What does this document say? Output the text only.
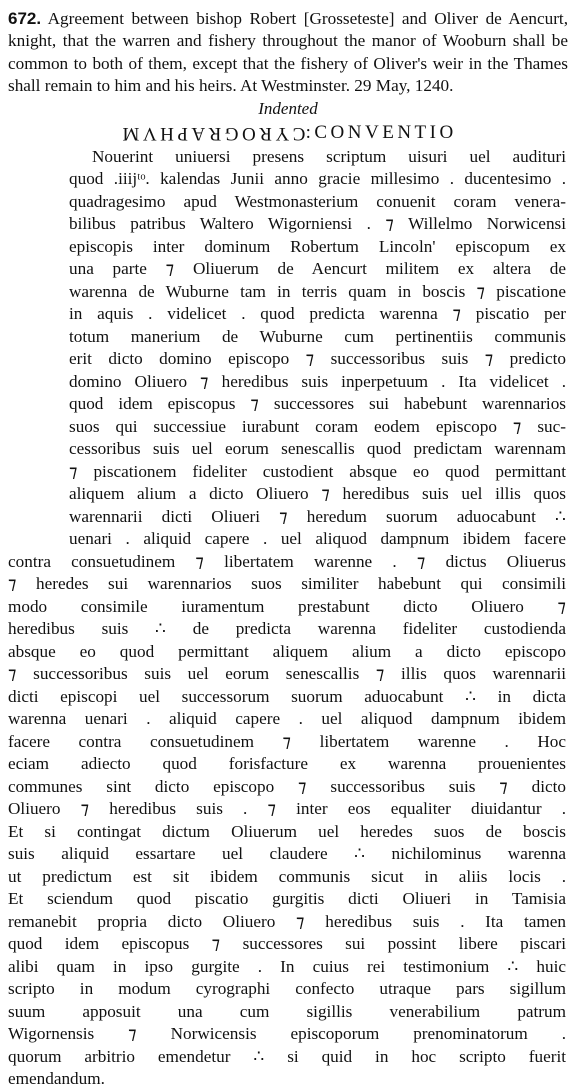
672. Agreement between bishop Robert [Grosseteste] and Oliver de Aencurt, knight, that the warren and fishery throughout the manor of Wooburn shall be common to both of them, except that the fishery of Oliver's weir in the Thames shall remain to him and his heirs. At Westminster. 29 May, 1240.

Indented

CYROGRAPHVM:CONVENTIO

Nouerint uniuersi presens scriptum uisuri uel audituri
quod .iiijᵗᵒ. kalendas Junii anno gracie millesimo . ducentesimo .
quadragesimo apud Westmonasterium conuenit coram venera-
bilibus patribus Waltero Wigorniensi . ⁊ Willelmo Norwicensi
episcopis inter dominum Robertum Lincoln' episcopum ex
una parte ⁊ Oliuerum de Aencurt militem ex altera de
warenna de Wuburne tam in terris quam in boscis ⁊ piscatione
in aquis . videlicet . quod predicta warenna ⁊ piscatio per
totum manerium de Wuburne cum pertinentiis communis
erit dicto domino episcopo ⁊ successoribus suis ⁊ predicto
domino Oliuero ⁊ heredibus suis inperpetuum . Ita videlicet .
quod idem episcopus ⁊ successores sui habebunt warennarios
suos qui successiue iurabunt coram eodem episcopo ⁊ suc-
cessoribus suis uel eorum senescallis quod predictam warennam
⁊ piscationem fideliter custodient absque eo quod permittant
aliquem alium a dicto Oliuero ⁊ heredibus suis uel illis quos
warennarii dicti Oliueri ⁊ heredum suorum aduocabunt ∴
uenari . aliquid capere . uel aliquod dampnum ibidem facere
contra consuetudinem ⁊ libertatem warenne . ⁊ dictus Oliuerus
⁊ heredes sui warennarios suos similiter habebunt qui consimili
modo consimile iuramentum prestabunt dicto Oliuero ⁊
heredibus suis ∴ de predicta warenna fideliter custodienda
absque eo quod permittant aliquem alium a dicto episcopo
⁊ successoribus suis uel eorum senescallis ⁊ illis quos warennarii
dicti episcopi uel successorum suorum aduocabunt ∴ in dicta
warenna uenari . aliquid capere . uel aliquod dampnum ibidem
facere contra consuetudinem ⁊ libertatem warenne . Hoc
eciam adiecto quod forisfacture ex warenna prouenientes
communes sint dicto episcopo ⁊ successoribus suis ⁊ dicto
Oliuero ⁊ heredibus suis . ⁊ inter eos equaliter diuidantur .
Et si contingat dictum Oliuerum uel heredes suos de boscis
suis aliquid essartare uel claudere ∴ nichilominus warenna
ut predictum est sit ibidem communis sicut in aliis locis .
Et sciendum quod piscatio gurgitis dicti Oliueri in Tamisia
remanebit propria dicto Oliuero ⁊ heredibus suis . Ita tamen
quod idem episcopus ⁊ successores sui possint libere piscari
alibi quam in ipso gurgite . In cuius rei testimonium ∴ huic
scripto in modum cyrographi confecto utraque pars sigillum
suum apposuit una cum sigillis venerabilium patrum
Wigornensis ⁊ Norwicensis episcoporum prenominatorum .
quorum arbitrio emendetur ∴ si quid in hoc scripto fuerit
emendandum.
